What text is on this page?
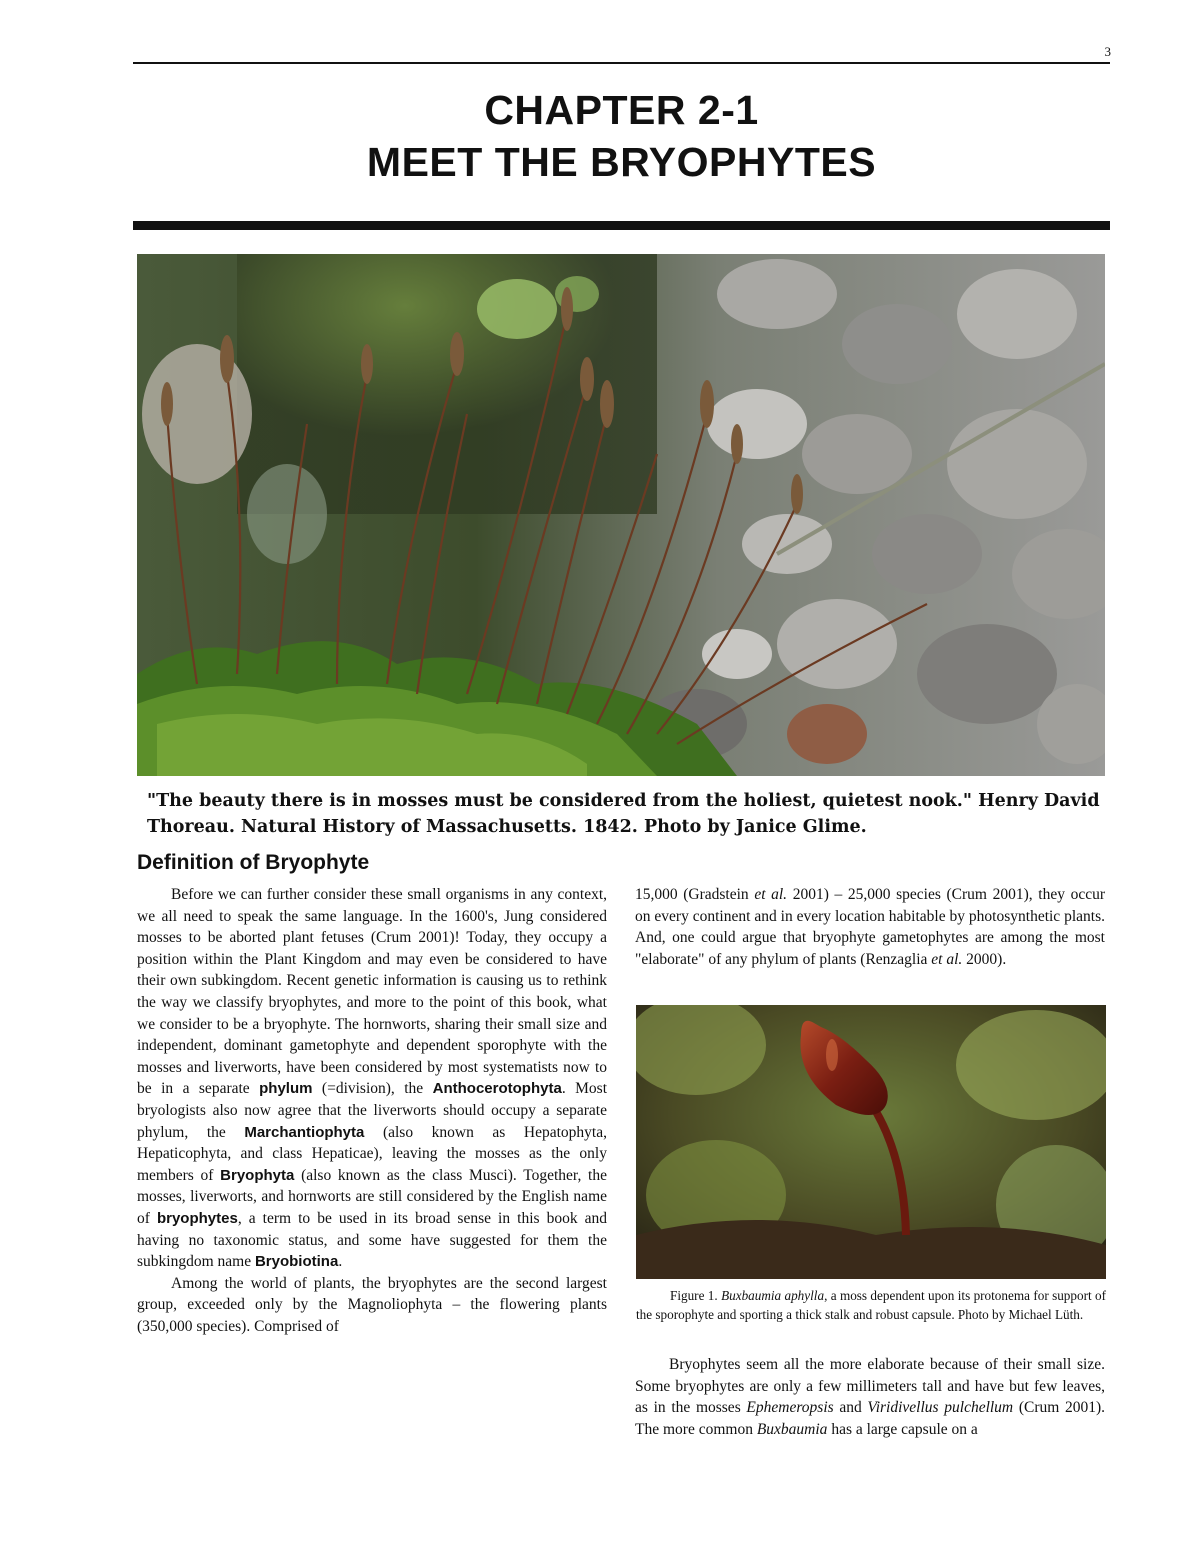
3
CHAPTER 2-1
MEET THE BRYOPHYTES
"The beauty there is in mosses must be considered from the holiest, quietest nook." Henry David Thoreau. Natural History of Massachusetts. 1842. Photo by Janice Glime.
Definition of Bryophyte

Before we can further consider these small organisms in any context, we all need to speak the same language. In the 1600's, Jung considered mosses to be aborted plant fetuses (Crum 2001)! Today, they occupy a position within the Plant Kingdom and may even be considered to have their own subkingdom. Recent genetic information is causing us to rethink the way we classify bryophytes, and more to the point of this book, what we consider to be a bryophyte. The hornworts, sharing their small size and independent, dominant gametophyte and dependent sporophyte with the mosses and liverworts, have been considered by most systematists now to be in a separate phylum (=division), the Anthocerotophyta. Most bryologists also now agree that the liverworts should occupy a separate phylum, the Marchantiophyta (also known as Hepatophyta, Hepaticophyta, and class Hepaticae), leaving the mosses as the only members of Bryophyta (also known as the class Musci). Together, the mosses, liverworts, and hornworts are still considered by the English name of bryophytes, a term to be used in its broad sense in this book and having no taxonomic status, and some have suggested for them the subkingdom name Bryobiotina.

Among the world of plants, the bryophytes are the second largest group, exceeded only by the Magnoliophyta – the flowering plants (350,000 species). Comprised of

15,000 (Gradstein et al. 2001) – 25,000 species (Crum 2001), they occur on every continent and in every location habitable by photosynthetic plants. And, one could argue that bryophyte gametophytes are among the most "elaborate" of any phylum of plants (Renzaglia et al. 2000).

Figure 1. Buxbaumia aphylla, a moss dependent upon its protonema for support of the sporophyte and sporting a thick stalk and robust capsule. Photo by Michael Lüth.

Bryophytes seem all the more elaborate because of their small size. Some bryophytes are only a few millimeters tall and have but few leaves, as in the mosses Ephemeropsis and Viridivellus pulchellum (Crum 2001). The more common Buxbaumia has a large capsule on a
